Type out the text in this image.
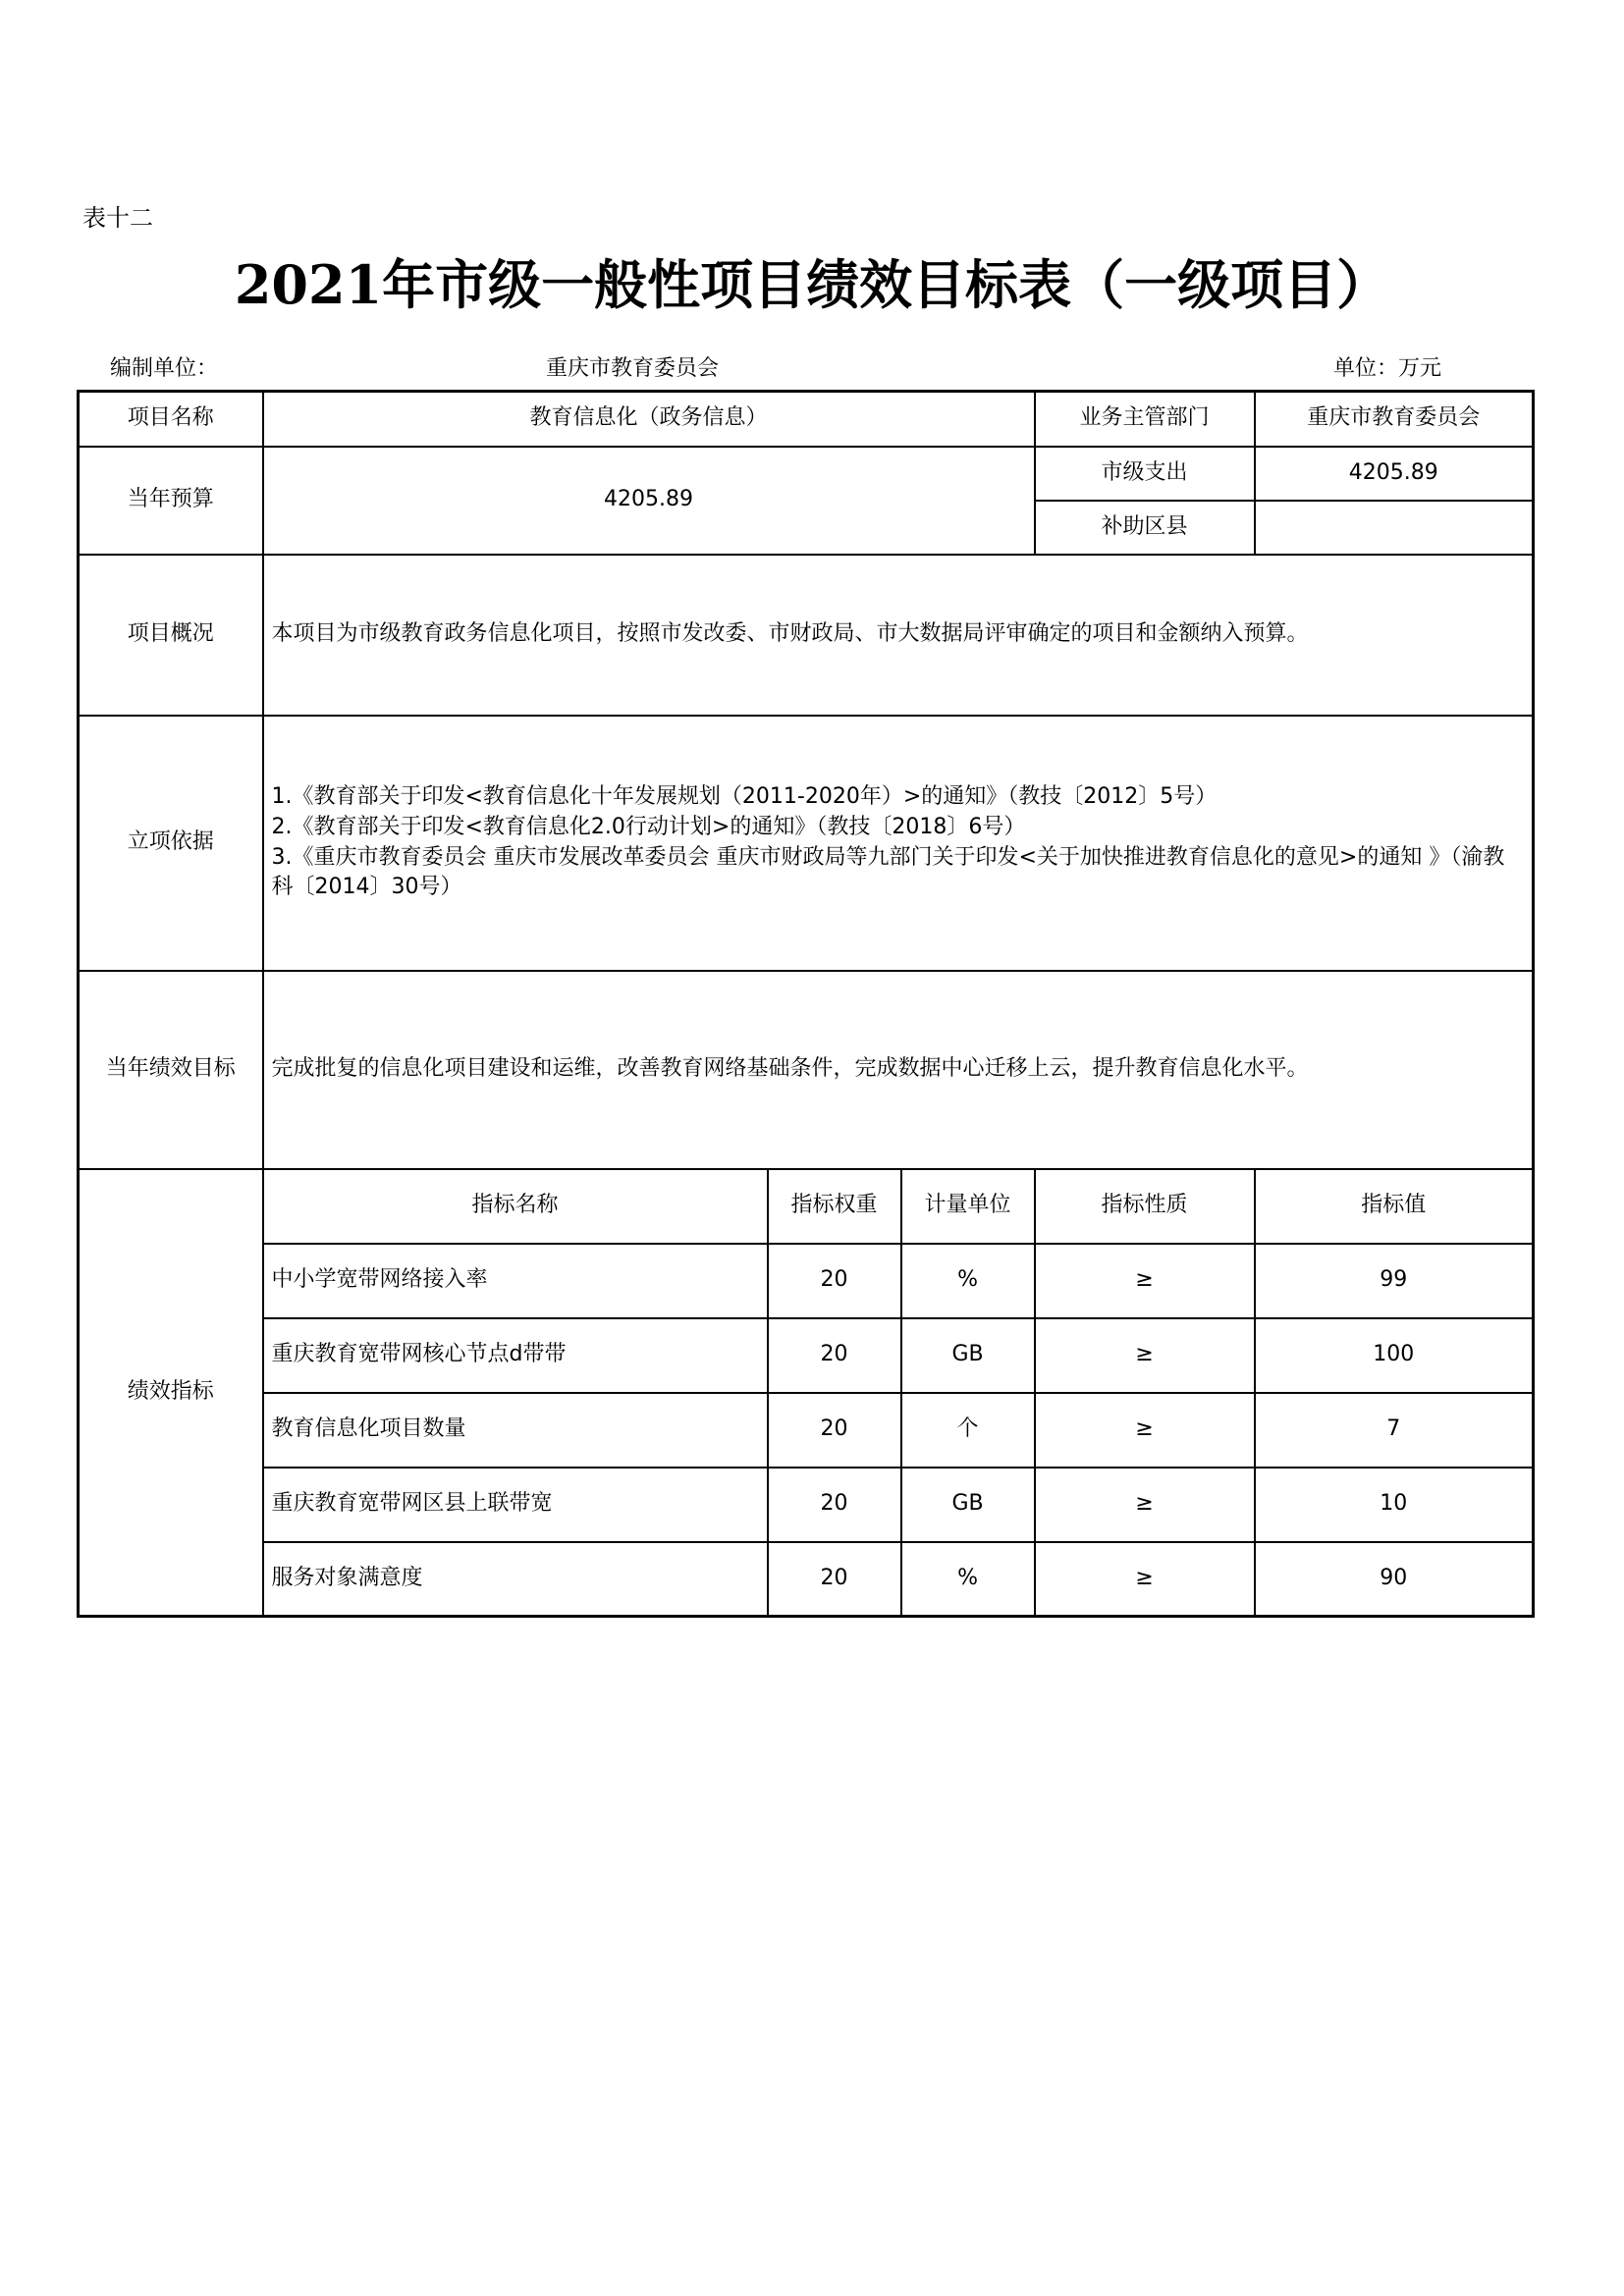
表十二
2021年市级一般性项目绩效目标表（一级项目）
编制单位：	重庆市教育委员会	单位：万元
项目名称	教育信息化（政务信息）			业务主管部门	重庆市教育委员会
当年预算	4205.89			市级支出	4205.89
				补助区县	
项目概况	本项目为市级教育政务信息化项目，按照市发改委、市财政局、市大数据局评审确定的项目和金额纳入预算。				
立项依据	1.《教育部关于印发<教育信息化十年发展规划（2011-2020年）>的通知》（教技〔2012〕5号）
2.《教育部关于印发<教育信息化2.0行动计划>的通知》（教技〔2018〕6号）
3.《重庆市教育委员会 重庆市发展改革委员会 重庆市财政局等九部门关于印发<关于加快推进教育信息化的意见>的通知 》（渝教科〔2014〕30号）				

当年绩效目标	完成批复的信息化项目建设和运维，改善教育网络基础条件，完成数据中心迁移上云，提升教育信息化水平。				
绩效指标	指标名称	指标权重	计量单位	指标性质	指标值
	中小学宽带网络接入率	20	%	≥	99
	重庆教育宽带网核心节点d带带	20	GB	≥	100
	教育信息化项目数量	20	个	≥	7
	重庆教育宽带网区县上联带宽	20	GB	≥	10
	服务对象满意度	20	%	≥	90
